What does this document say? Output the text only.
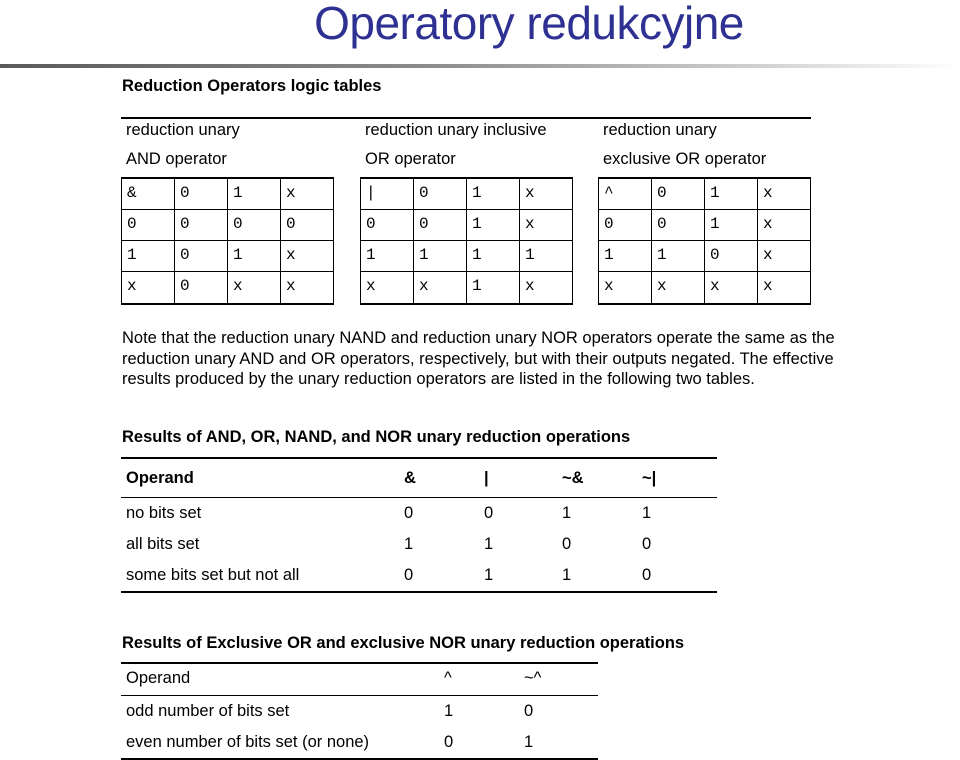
Operatory redukcyjne
Reduction Operators logic tables
reduction unary
AND operator
&	0	1	x
0	0	0	0
1	0	1	x
x	0	x	x
reduction unary inclusive
OR operator
|	0	1	x
0	0	1	x
1	1	1	1
x	x	1	x
reduction unary
exclusive OR operator
^	0	1	x
0	0	1	x
1	1	0	x
x	x	x	x

Note that the reduction unary NAND and reduction unary NOR operators operate the same as the reduction unary AND and OR operators, respectively, but with their outputs negated. The effective results produced by the unary reduction operators are listed in the following two tables.

Results of AND, OR, NAND, and NOR unary reduction operations
Operand	&	|	~&	~|
no bits set	0	0	1	1
all bits set	1	1	0	0
some bits set but not all	0	1	1	0
Results of Exclusive OR and exclusive NOR unary reduction operations
Operand	^	~^
odd number of bits set	1	0
even number of bits set (or none)	0	1
